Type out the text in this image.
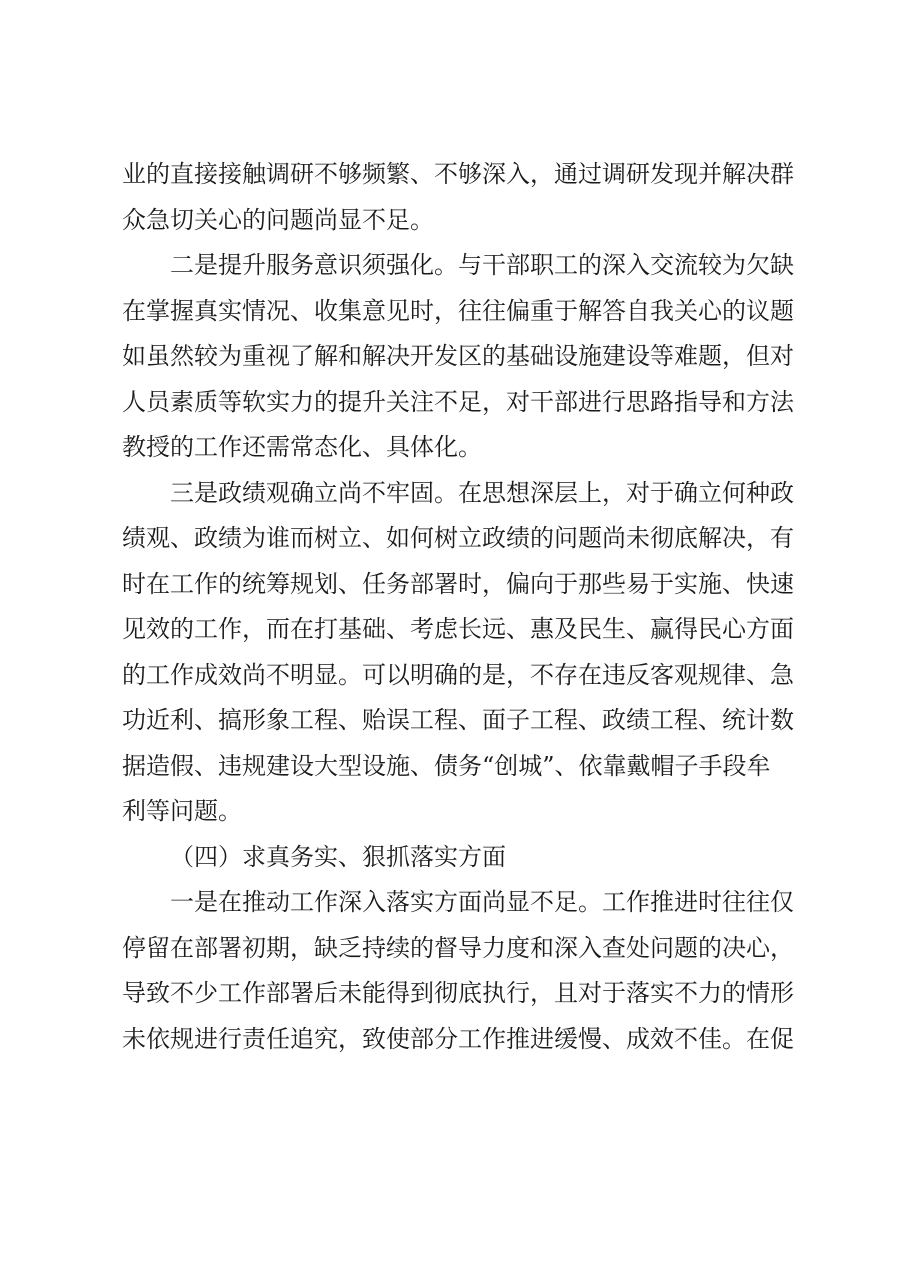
业的直接接触调研不够频繁、不够深入，通过调研发现并解决群
众急切关心的问题尚显不足。
二是提升服务意识须强化。与干部职工的深入交流较为欠缺
在掌握真实情况、收集意见时，往往偏重于解答自我关心的议题
如虽然较为重视了解和解决开发区的基础设施建设等难题，但对
人员素质等软实力的提升关注不足，对干部进行思路指导和方法
教授的工作还需常态化、具体化。
三是政绩观确立尚不牢固。在思想深层上，对于确立何种政
绩观、政绩为谁而树立、如何树立政绩的问题尚未彻底解决，有
时在工作的统筹规划、任务部署时，偏向于那些易于实施、快速
见效的工作，而在打基础、考虑长远、惠及民生、赢得民心方面
的工作成效尚不明显。可以明确的是，不存在违反客观规律、急
功近利、搞形象工程、贻误工程、面子工程、政绩工程、统计数
据造假、违规建设大型设施、债务“创城”、依靠戴帽子手段牟
利等问题。
（四）求真务实、狠抓落实方面
一是在推动工作深入落实方面尚显不足。工作推进时往往仅
停留在部署初期，缺乏持续的督导力度和深入查处问题的决心，
导致不少工作部署后未能得到彻底执行，且对于落实不力的情形
未依规进行责任追究，致使部分工作推进缓慢、成效不佳。在促
